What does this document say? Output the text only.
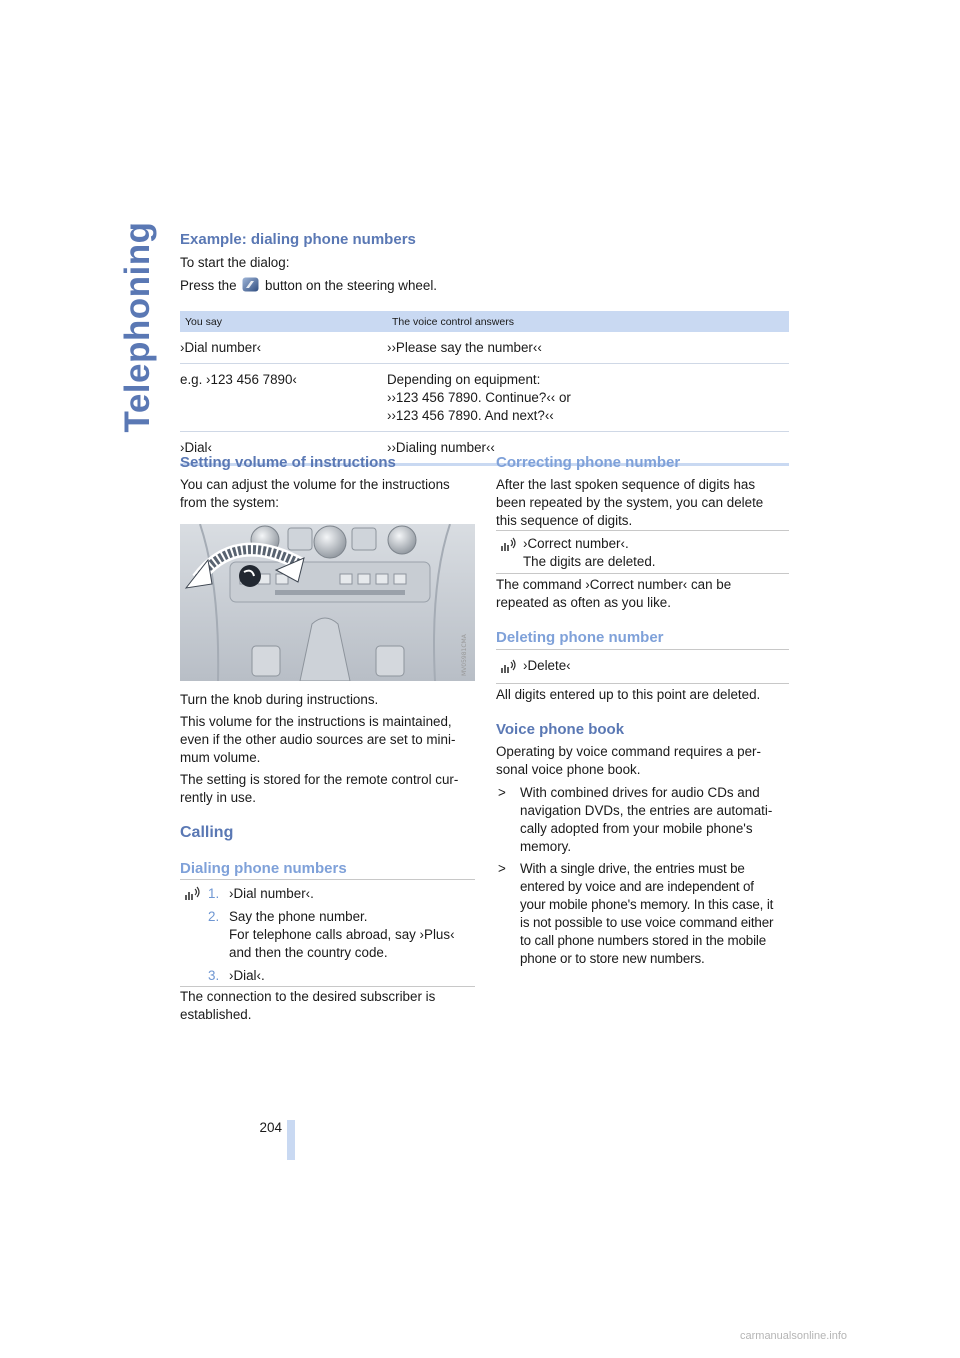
Telephoning Example: dialing phone numbers

To start the dialog:

Press the button on the steering wheel.

You say	The voice control answers
›Dial number‹	››Please say the number‹‹

e.g. ›123 456 7890‹	Depending on equipment:
››123 456 7890. Continue?‹‹ or
››123 456 7890. And next?‹‹

›Dial‹	››Dialing number‹‹
Setting volume of instructions

You can adjust the volume for the instructions
from the system:

MV05981CMA

Turn the knob during instructions.

This volume for the instructions is maintained,
even if the other audio sources are set to mini-
mum volume.

The setting is stored for the remote control cur-
rently in use.

Calling
Dialing phone numbers
1. ›Dial number‹.
2. Say the phone number.
For telephone calls abroad, say ›Plus‹
and then the country code.
3. ›Dial‹.

The connection to the desired subscriber is
established.

Correcting phone number

After the last spoken sequence of digits has
been repeated by the system, you can delete
this sequence of digits.

›Correct number‹.
The digits are deleted.

The command ›Correct number‹ can be
repeated as often as you like.

Deleting phone number
›Delete‹

All digits entered up to this point are deleted.

Voice phone book

Operating by voice command requires a per-
sonal voice phone book.

> With combined drives for audio CDs and
navigation DVDs, the entries are automati-
cally adopted from your mobile phone's
memory.
> With a single drive, the entries must be
entered by voice and are independent of
your mobile phone's memory. In this case, it
is not possible to use voice command either
to call phone numbers stored in the mobile
phone or to store new numbers.
204
carmanualsonline.info
